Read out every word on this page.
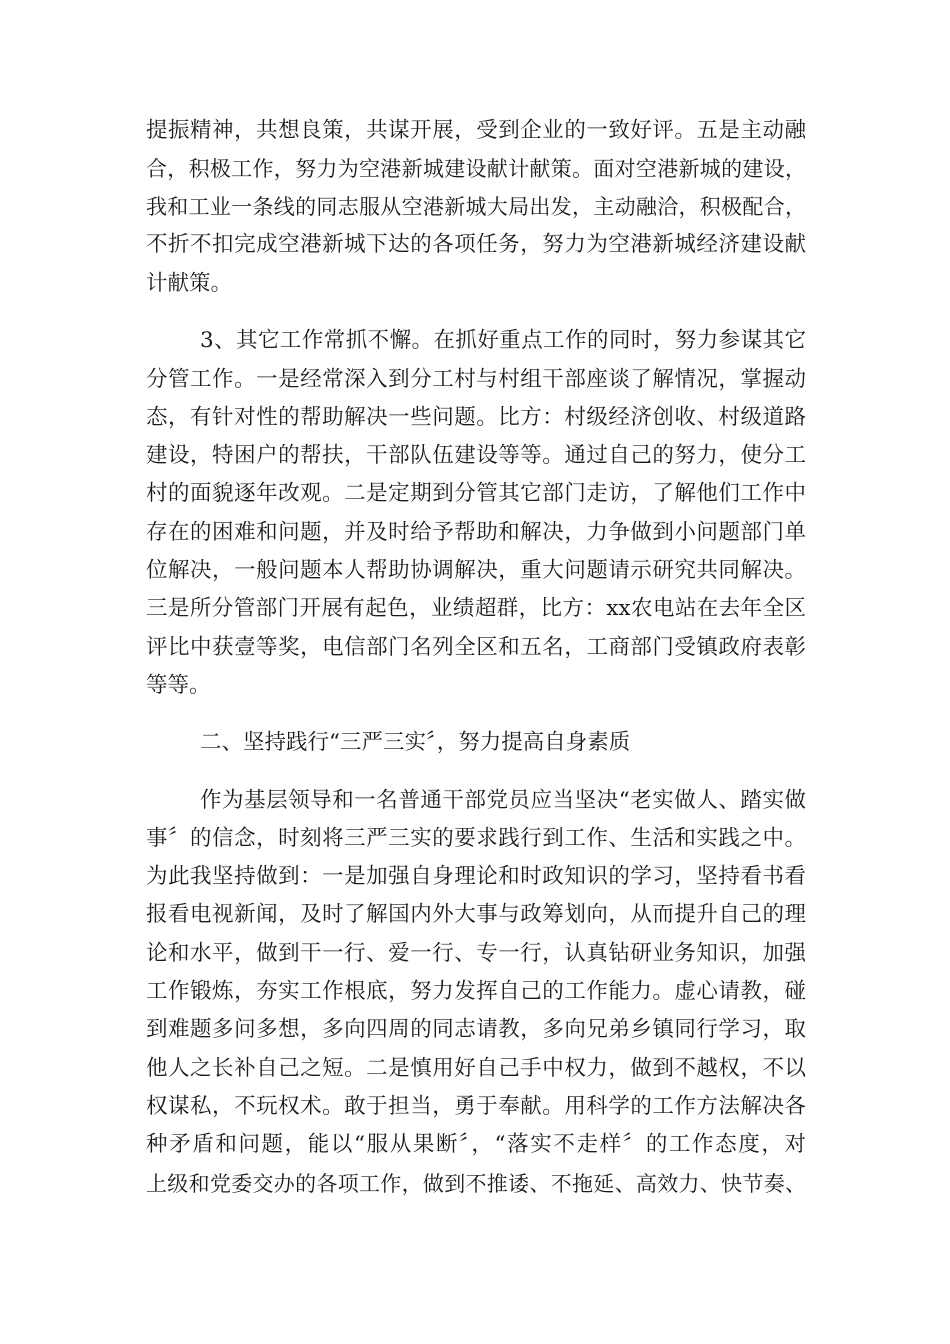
提振精神，共想良策，共谋开展，受到企业的一致好评。五是主动融
合，积极工作，努力为空港新城建设献计献策。面对空港新城的建设，
我和工业一条线的同志服从空港新城大局出发，主动融洽，积极配合，
不折不扣完成空港新城下达的各项任务，努力为空港新城经济建设献
计献策。
3、其它工作常抓不懈。在抓好重点工作的同时，努力参谋其它
分管工作。一是经常深入到分工村与村组干部座谈了解情况，掌握动
态，有针对性的帮助解决一些问题。比方：村级经济创收、村级道路
建设，特困户的帮扶，干部队伍建设等等。通过自己的努力，使分工
村的面貌逐年改观。二是定期到分管其它部门走访，了解他们工作中
存在的困难和问题，并及时给予帮助和解决，力争做到小问题部门单
位解决，一般问题本人帮助协调解决，重大问题请示研究共同解决。
三是所分管部门开展有起色，业绩超群，比方：xx农电站在去年全区
评比中获壹等奖，电信部门名列全区和五名，工商部门受镇政府表彰
等等。
二、坚持践行“三严三实〞，努力提高自身素质
作为基层领导和一名普通干部党员应当坚决“老实做人、踏实做
事〞的信念，时刻将三严三实的要求践行到工作、生活和实践之中。
为此我坚持做到：一是加强自身理论和时政知识的学习，坚持看书看
报看电视新闻，及时了解国内外大事与政筹划向，从而提升自己的理
论和水平，做到干一行、爱一行、专一行，认真钻研业务知识，加强
工作锻炼，夯实工作根底，努力发挥自己的工作能力。虚心请教，碰
到难题多问多想，多向四周的同志请教，多向兄弟乡镇同行学习，取
他人之长补自己之短。二是慎用好自己手中权力，做到不越权，不以
权谋私，不玩权术。敢于担当，勇于奉献。用科学的工作方法解决各
种矛盾和问题，能以“服从果断〞，“落实不走样〞的工作态度，对
上级和党委交办的各项工作，做到不推诿、不拖延、高效力、快节奏、
